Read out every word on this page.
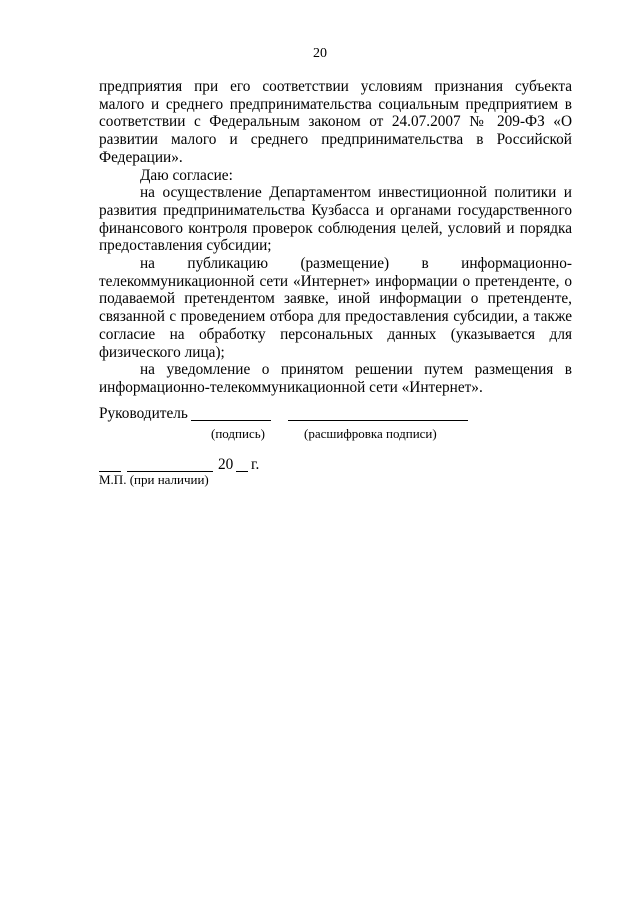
20

предприятия при его соответствии условиям признания субъекта малого и среднего предпринимательства социальным предприятием в соответствии с Федеральным законом от 24.07.2007 № 209-ФЗ «О развитии малого и среднего предпринимательства в Российской Федерации».

Даю согласие:

на осуществление Департаментом инвестиционной политики и развития предпринимательства Кузбасса и органами государственного финансового контроля проверок соблюдения целей, условий и порядка предоставления субсидии;

на публикацию (размещение) в информационно-телекоммуникационной сети «Интернет» информации о претенденте, о подаваемой претендентом заявке, иной информации о претенденте, связанной с проведением отбора для предоставления субсидии, а также согласие на обработку персональных данных (указывается для физического лица);

на уведомление о принятом решении путем размещения в информационно-телекоммуникационной сети «Интернет».

Руководитель
(подпись)	(расшифровка подписи)
20 г.
М.П. (при наличии)
